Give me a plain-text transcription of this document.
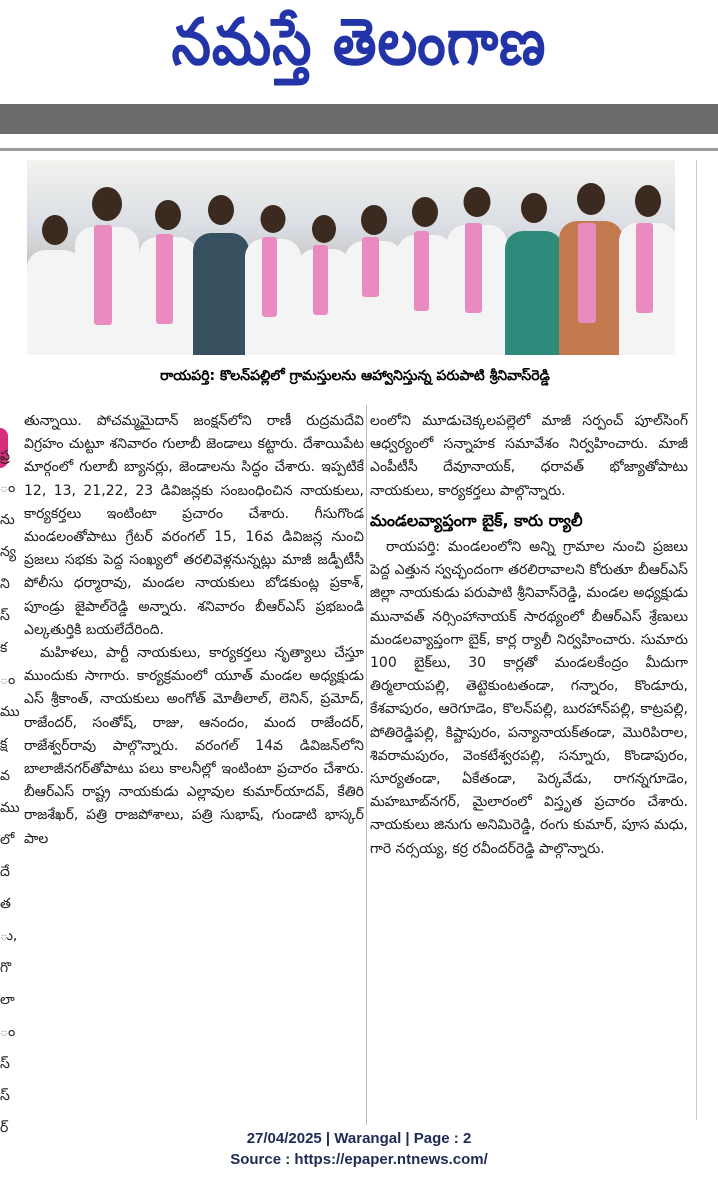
నమస్తే తెలంగాణ
రాయపర్తి: కొలన్‌పల్లిలో గ్రామస్తులను ఆహ్వానిస్తున్న పరుపాటి శ్రీనివాస్‌రెడ్డి
ప్ర
ం
ను
న్య
ని
స్
క
ం
ము
క్ష
వ
ము
లో
దే
త
ు,
గొ
లా
ం
స్
స్
ర్

తున్నాయి. పోచమ్మమైదాన్ జంక్షన్‌లోని రాణీ రుద్రమదేవి విగ్రహం చుట్టూ శనివారం గులాబీ జెండాలు కట్టారు. దేశాయిపేట మార్గంలో గులాబీ బ్యానర్లు, జెండాలను సిద్ధం చేశారు. ఇప్పటికే 12, 13, 21,22, 23 డివిజన్లకు సంబంధించిన నాయకులు, కార్యకర్తలు ఇంటింటా ప్రచారం చేశారు. గీసుగొండ మండలంతోపాటు గ్రేటర్ వరంగల్ 15, 16వ డివిజన్ల నుంచి ప్రజలు సభకు పెద్ద సంఖ్యలో తరలివెళ్లనున్నట్లు మాజీ జడ్పీటీసీ పోలీసు ధర్మారావు, మండల నాయకులు బోడకుంట్ల ప్రకాశ్, పూండ్రు జైపాల్‌రెడ్డి అన్నారు. శనివారం బీఆర్‌ఎస్ ప్రభబండి ఎల్కతుర్తికి బయలేదేరింది.

మహిళలు, పార్టీ నాయకులు, కార్యకర్తలు నృత్యాలు చేస్తూ ముందుకు సాగారు. కార్యక్రమంలో యూత్ మండల అధ్యక్షుడు ఎస్ శ్రీకాంత్, నాయకులు అంగోత్ మోతీలాల్, లెనిన్, ప్రమోద్, రాజేందర్, సంతోష్, రాజు, ఆనందం, మంద రాజేందర్, రాజేశ్వర్‌రావు పాల్గొన్నారు. వరంగల్ 14వ డివిజన్‌లోని బాలాజీనగర్‌తోపాటు పలు కాలనీల్లో ఇంటింటా ప్రచారం చేశారు. బీఆర్‌ఎస్ రాష్ట్ర నాయకుడు ఎల్లావుల కుమార్‌యాదవ్, కేతిరి రాజశేఖర్, పత్రి రాజపోశాలు, పత్రి సుభాష్, గుండాటి భాస్కర్ పాల

లంలోని మూడుచెక్కలపల్లెలో మాజీ సర్పంచ్ పూల్‌సింగ్ ఆధ్వర్యంలో సన్నాహక సమావేశం నిర్వహించారు. మాజీ ఎంపీటీసీ దేవూనాయక్, ధరావత్ భోజ్యాతోపాటు నాయకులు, కార్యకర్తలు పాల్గొన్నారు.

మండలవ్యాప్తంగా బైక్, కారు ర్యాలీ

రాయపర్తి: మండలంలోని అన్ని గ్రామాల నుంచి ప్రజలు పెద్ద ఎత్తున స్వచ్ఛందంగా తరలిరావాలని కోరుతూ బీఆర్‌ఎస్ జిల్లా నాయకుడు పరుపాటి శ్రీనివాస్‌రెడ్డి, మండల అధ్యక్షుడు మునావత్ నర్సింహానాయక్ సారథ్యంలో బీఆర్‌ఎస్ శ్రేణులు మండలవ్యాప్తంగా బైక్, కార్ల ర్యాలీ నిర్వహించారు. సుమారు 100 బైక్‌లు, 30 కార్లతో మండలకేంద్రం మీదుగా తిర్మలాయపల్లి, తెట్టెకుంటతండా, గన్నారం, కొండూరు, కేశవాపురం, ఆరెగూడెం, కొలన్‌పల్లి, బురహాన్‌పల్లి, కాట్రపల్లి, పోతిరెడ్డిపల్లి, కిష్టాపురం, పన్యానాయక్‌తండా, మొరిపిరాల, శివరామపురం, వెంకటేశ్వరపల్లి, సన్నూరు, కొండాపురం, సూర్యతండా, ఏకేతండా, పెర్కవేడు, రాగన్నగూడెం, మహబూబ్‌నగర్, మైలారంలో విస్తృత ప్రచారం చేశారు. నాయకులు జినుగు అనిమిరెడ్డి, రంగు కుమార్, పూస మధు, గారె నర్సయ్య, కర్ర రవీందర్‌రెడ్డి పాల్గొన్నారు.

27/04/2025 | Warangal | Page : 2
Source : https://epaper.ntnews.com/
